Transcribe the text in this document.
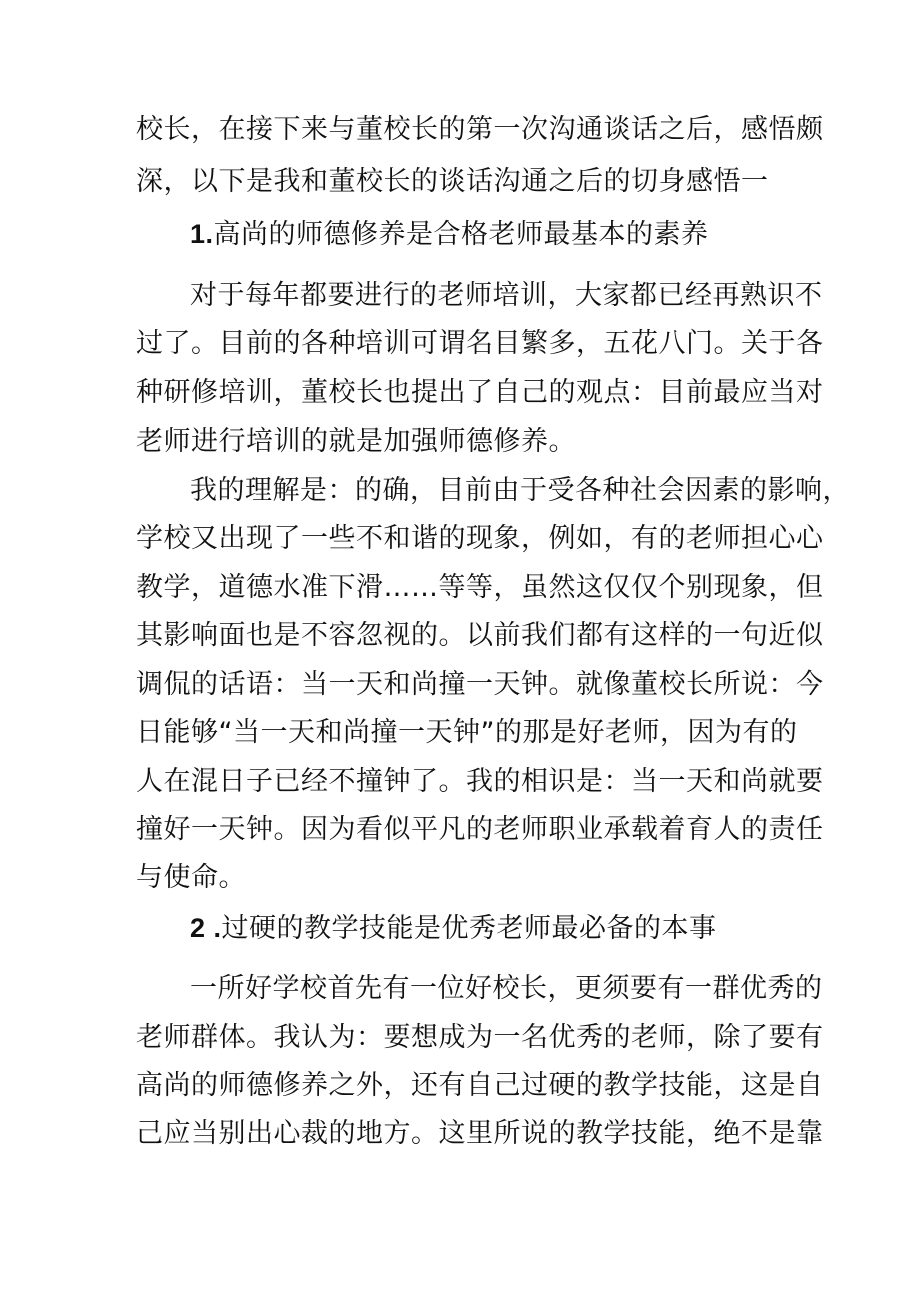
校长，在接下来与董校长的第一次沟通谈话之后，感悟颇
深，以下是我和董校长的谈话沟通之后的切身感悟一
1.高尚的师德修养是合格老师最基本的素养
对于每年都要进行的老师培训，大家都已经再熟识不
过了。目前的各种培训可谓名目繁多，五花八门。关于各
种研修培训，董校长也提出了自己的观点：目前最应当对
老师进行培训的就是加强师德修养。
我的理解是：的确，目前由于受各种社会因素的影响，
学校又出现了一些不和谐的现象，例如，有的老师担心心
教学，道德水准下滑……等等，虽然这仅仅个别现象，但
其影响面也是不容忽视的。以前我们都有这样的一句近似
调侃的话语：当一天和尚撞一天钟。就像董校长所说：今
日能够“当一天和尚撞一天钟”的那是好老师，因为有的
人在混日子已经不撞钟了。我的相识是：当一天和尚就要
撞好一天钟。因为看似平凡的老师职业承载着育人的责任
与使命。
2 .过硬的教学技能是优秀老师最必备的本事
一所好学校首先有一位好校长，更须要有一群优秀的
老师群体。我认为：要想成为一名优秀的老师，除了要有
高尚的师德修养之外，还有自己过硬的教学技能，这是自
己应当别出心裁的地方。这里所说的教学技能，绝不是靠
